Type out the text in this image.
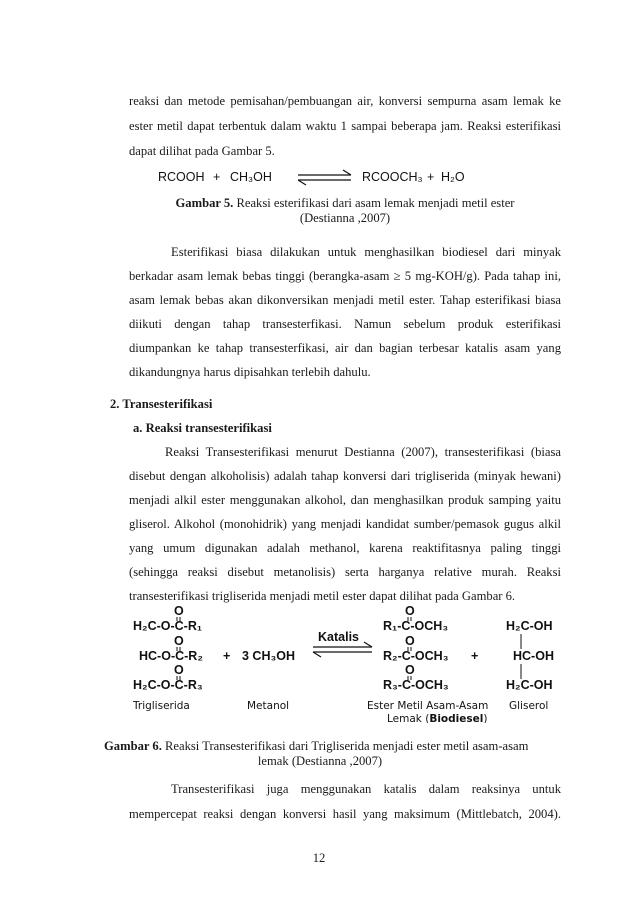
reaksi dan metode pemisahan/pembuangan air, konversi sempurna asam lemak ke
ester metil dapat terbentuk dalam waktu 1 sampai beberapa jam. Reaksi esterifikasi
dapat dilihat pada Gambar 5.
RCOOH + CH₃OH	RCOOCH₃ + H₂O
Gambar 5. Reaksi esterifikasi dari asam lemak menjadi metil ester
(Destianna ,2007)
Esterifikasi biasa dilakukan untuk menghasilkan biodiesel dari minyak
berkadar asam lemak bebas tinggi (berangka-asam ≥ 5 mg-KOH/g). Pada tahap ini,
asam lemak bebas akan dikonversikan menjadi metil ester. Tahap esterifikasi biasa
diikuti dengan tahap transesterfikasi. Namun sebelum produk esterifikasi
diumpankan ke tahap transesterfikasi, air dan bagian terbesar katalis asam yang
dikandungnya harus dipisahkan terlebih dahulu.
2. Transesterifikasi
a. Reaksi transesterifikasi
Reaksi Transesterifikasi menurut Destianna (2007), transesterifikasi (biasa
disebut dengan alkoholisis) adalah tahap konversi dari trigliserida (minyak hewani)
menjadi alkil ester menggunakan alkohol, dan menghasilkan produk samping yaitu
gliserol. Alkohol (monohidrik) yang menjadi kandidat sumber/pemasok gugus alkil
yang umum digunakan adalah methanol, karena reaktifitasnya paling tinggi
(sehingga reaksi disebut metanolisis) serta harganya relative murah. Reaksi
transesterifikasi trigliserida menjadi metil ester dapat dilihat pada Gambar 6.
O
H₂C-O-C-R₁
O
HC-O-C-R₂
O
H₂C-O-C-R₃
+ 3 CH₃OH
O
R₁-C-OCH₃
O
R₂-C-OCH₃
O
R₃-C-OCH₃
+
H₂C-OH
HC-OH
H₂C-OH
Katalis
Trigliserida	Metanol	Ester Metil Asam-Asam
Lemak (Biodiesel)
Gliserol
Gambar 6. Reaksi Transesterifikasi dari Trigliserida menjadi ester metil asam-asam
lemak (Destianna ,2007)
Transesterifikasi juga menggunakan katalis dalam reaksinya untuk
mempercepat reaksi dengan konversi hasil yang maksimum (Mittlebatch, 2004).
12
